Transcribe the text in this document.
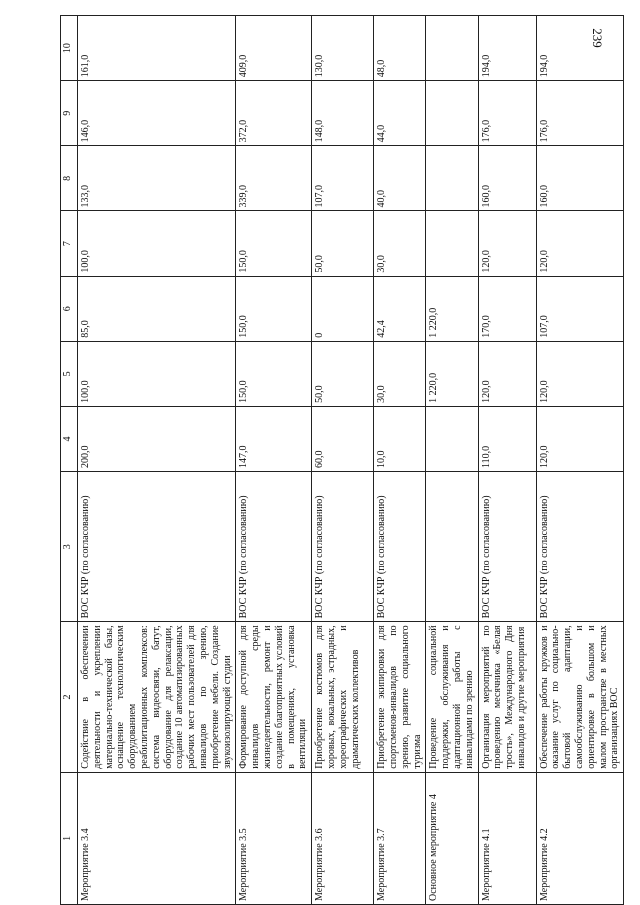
239
1	2	3	4	5	6	7	8	9	10
Мероприятие 3.4	Содействие в обеспечении деятельности и укреплении материально-технической базы, оснащение технологическим оборудованием реабилитационных комплексов: система видеосвязи, батут, оборудование для релаксации, создание 10 автоматизированных рабочих мест пользователей для инвалидов по зрению, приобретение мебели. Создание звукоизолирующей студии	ВОС КЧР (по согласованию)	200,0	100,0	85,0	100,0	133,0	146,0	161,0
Мероприятие 3.5	Формирование доступной для инвалидов среды жизнедеятельности, ремонт и создание благоприятных условий в помещениях, установка вентиляции	ВОС КЧР (по согласованию)	147,0	150,0	150,0	150,0	339,0	372,0	409,0
Мероприятие 3.6	Приобретение костюмов для хоровых, вокальных, эстрадных, хореографических и драматических коллективов	ВОС КЧР (по согласованию)	60,0	50,0	0	50,0	107,0	148,0	130,0
Мероприятие 3.7	Приобретение экипировки для спортсменов-инвалидов по зрению, развитие социального туризма	ВОС КЧР (по согласованию)	10,0	30,0	42,4	30,0	40,0	44,0	48,0
Основное мероприятие 4	Проведение социальной поддержки, обслуживания и адаптационной работы с инвалидами по зрению			1 220,0	1 220,0				
Мероприятие 4.1	Организация мероприятий по проведению месячника «Белая трость», Международного Дня инвалидов и другие мероприятия	ВОС КЧР (по согласованию)	110,0	120,0	170,0	120,0	160,0	176,0	194,0
Мероприятие 4.2	Обеспечение работы кружков и оказание услуг по социально-бытовой адаптации, самообслуживанию и ориентировке в большом и малом пространстве в местных организациях ВОС	ВОС КЧР (по согласованию)	120,0	120,0	107,0	120,0	160,0	176,0	194,0
